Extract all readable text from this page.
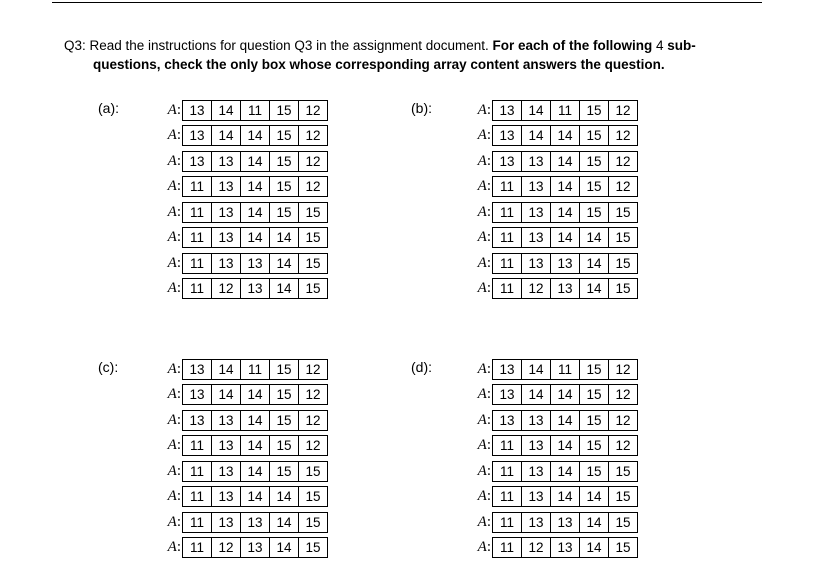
Q3: Read the instructions for question Q3 in the assignment document. For each of the following 4 sub-
questions, check the only box whose corresponding array content answers the question.
(a):	A: 13	14	11	15	12
A: 13	14	14	15	12
A: 13	13	14	15	12
A: 11	13	14	15	12
A: 11	13	14	15	15
A: 11	13	14	14	15
A: 11	13	13	14	15
A: 11	12	13	14	15
(b):	A: 13	14	11	15	12
A: 13	14	14	15	12
A: 13	13	14	15	12
A: 11	13	14	15	12
A: 11	13	14	15	15
A: 11	13	14	14	15
A: 11	13	13	14	15
A: 11	12	13	14	15
(c):	A: 13	14	11	15	12
A: 13	14	14	15	12
A: 13	13	14	15	12
A: 11	13	14	15	12
A: 11	13	14	15	15
A: 11	13	14	14	15
A: 11	13	13	14	15
A: 11	12	13	14	15
(d):	A: 13	14	11	15	12
A: 13	14	14	15	12
A: 13	13	14	15	12
A: 11	13	14	15	12
A: 11	13	14	15	15
A: 11	13	14	14	15
A: 11	13	13	14	15
A: 11	12	13	14	15
